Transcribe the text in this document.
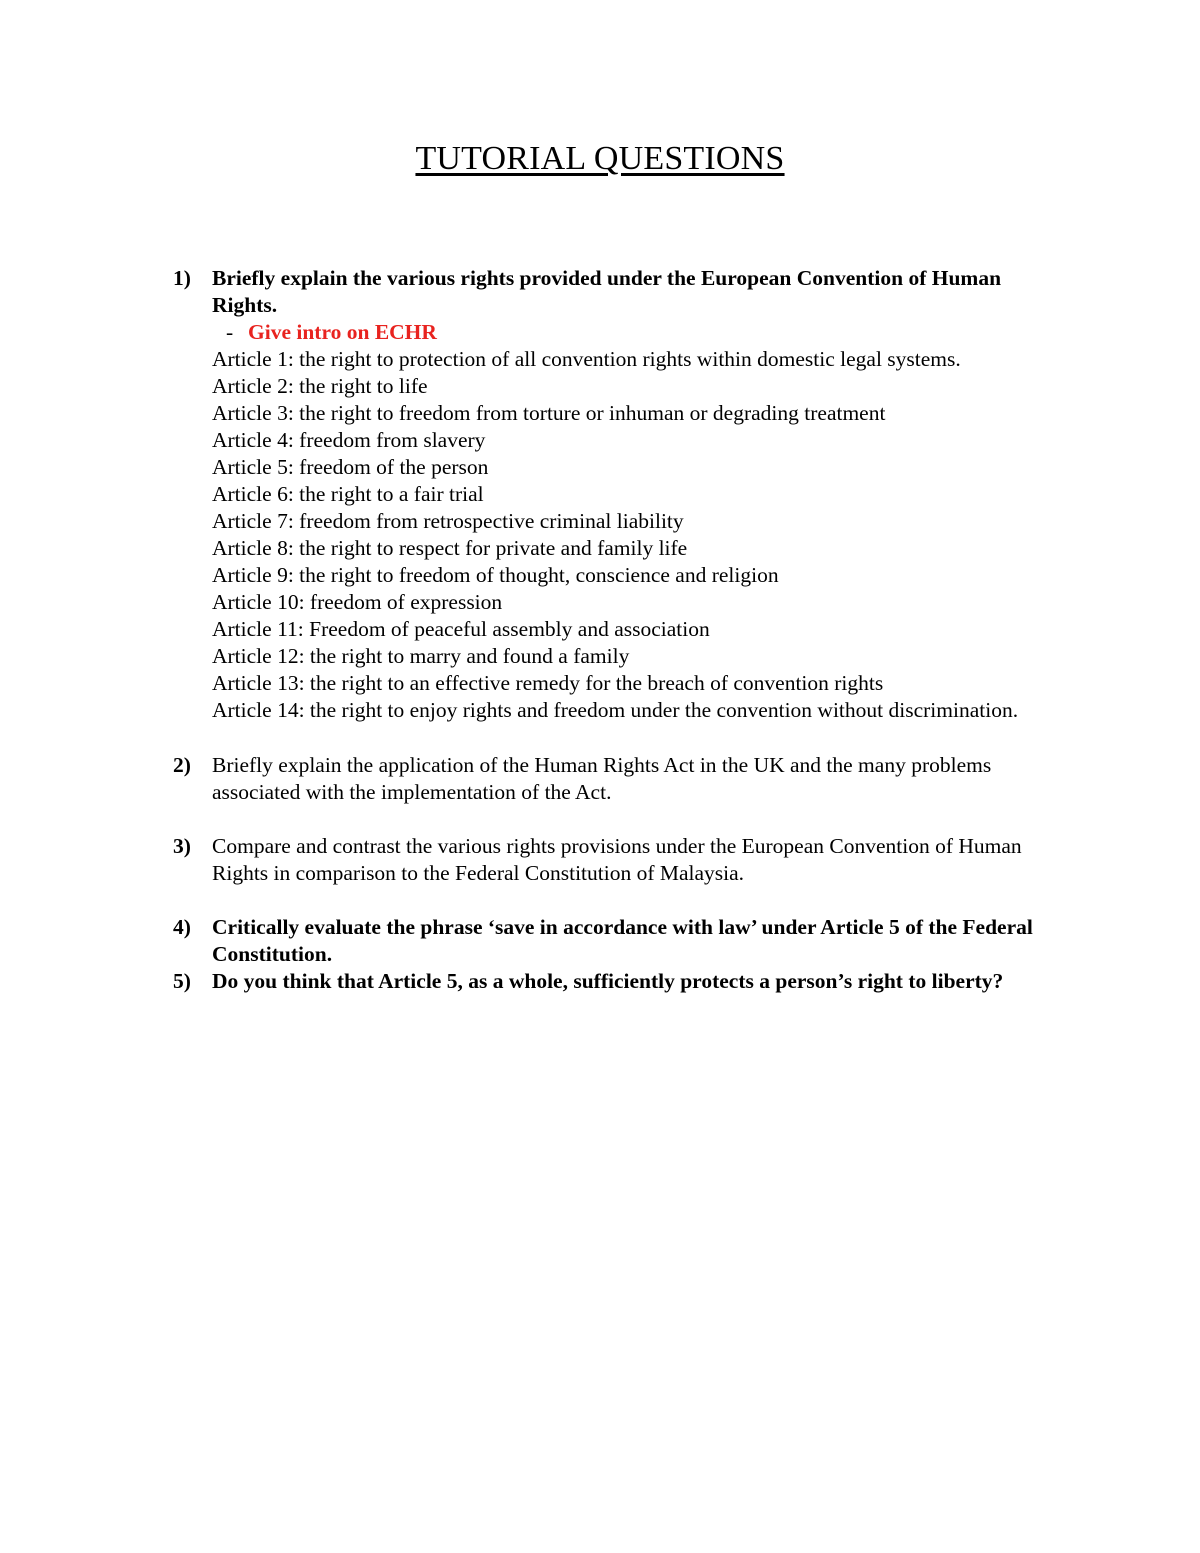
TUTORIAL QUESTIONS
1) Briefly explain the various rights provided under the European Convention of Human Rights.
- Give intro on ECHR
Article 1: the right to protection of all convention rights within domestic legal systems.
Article 2: the right to life
Article 3: the right to freedom from torture or inhuman or degrading treatment
Article 4: freedom from slavery
Article 5: freedom of the person
Article 6: the right to a fair trial
Article 7: freedom from retrospective criminal liability
Article 8: the right to respect for private and family life
Article 9: the right to freedom of thought, conscience and religion
Article 10: freedom of expression
Article 11: Freedom of peaceful assembly and association
Article 12: the right to marry and found a family
Article 13: the right to an effective remedy for the breach of convention rights
Article 14: the right to enjoy rights and freedom under the convention without discrimination.
2) Briefly explain the application of the Human Rights Act in the UK and the many problems associated with the implementation of the Act.
3) Compare and contrast the various rights provisions under the European Convention of Human Rights in comparison to the Federal Constitution of Malaysia.
4) Critically evaluate the phrase ‘save in accordance with law’ under Article 5 of the Federal Constitution.
5) Do you think that Article 5, as a whole, sufficiently protects a person’s right to liberty?
